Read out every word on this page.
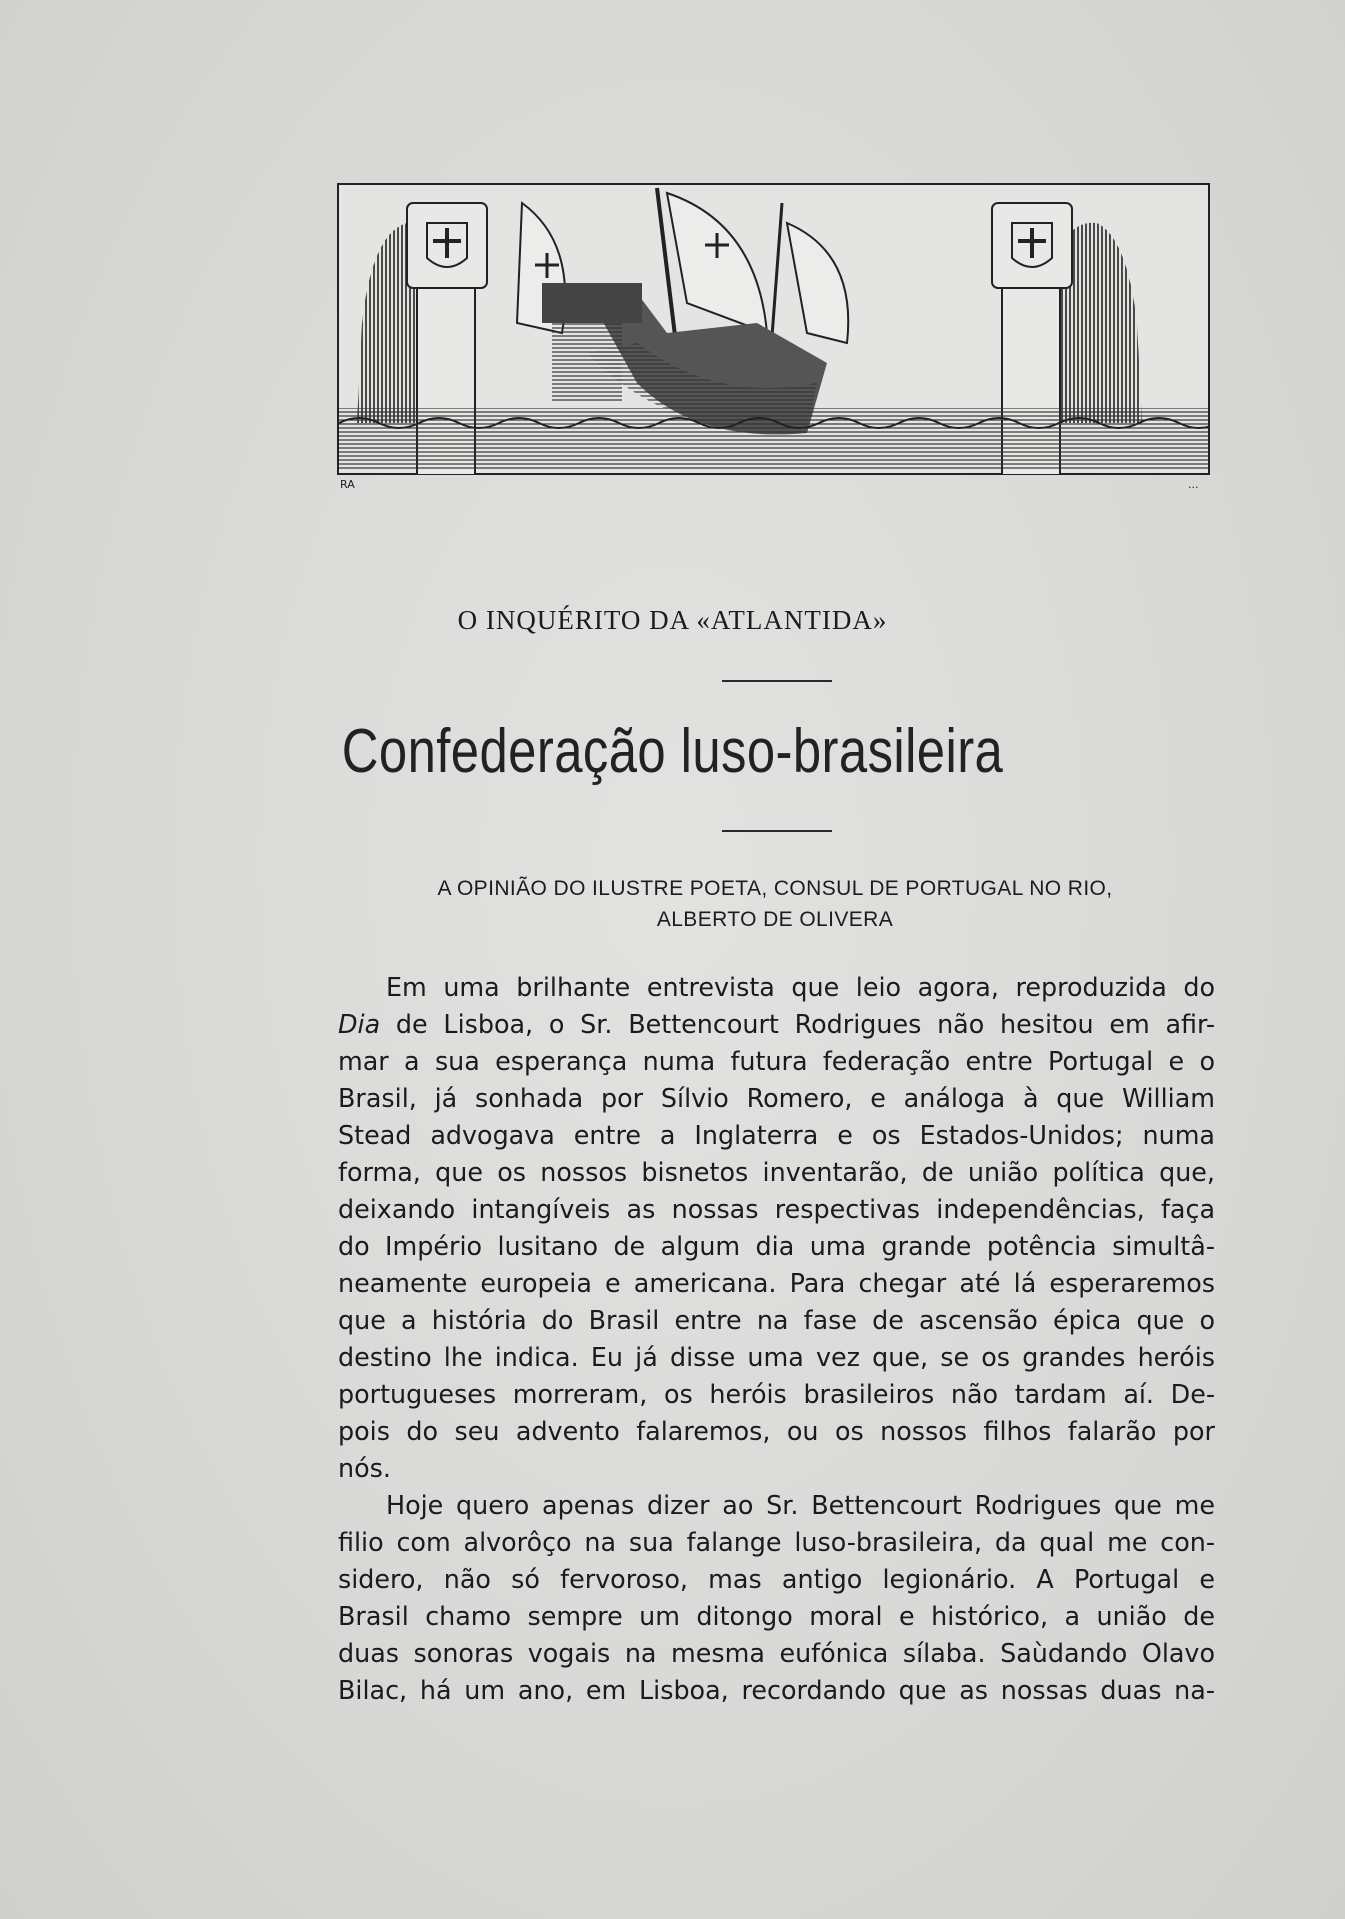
RA	...
O INQUÉRITO DA «ATLANTIDA»
Confederação luso-brasileira
A OPINIÃO DO ILUSTRE POETA, CONSUL DE PORTUGAL NO RIO,
ALBERTO DE OLIVERA
Em uma brilhante entrevista que leio agora, reproduzida do
Dia de Lisboa, o Sr. Bettencourt Rodrigues não hesitou em afir-
mar a sua esperança numa futura federação entre Portugal e o
Brasil, já sonhada por Sílvio Romero, e análoga à que William
Stead advogava entre a Inglaterra e os Estados-Unidos; numa
forma, que os nossos bisnetos inventarão, de união política que,
deixando intangíveis as nossas respectivas independências, faça
do Império lusitano de algum dia uma grande potência simultâ-
neamente europeia e americana. Para chegar até lá esperaremos
que a história do Brasil entre na fase de ascensão épica que o
destino lhe indica. Eu já disse uma vez que, se os grandes heróis
portugueses morreram, os heróis brasileiros não tardam aí. De-
pois do seu advento falaremos, ou os nossos filhos falarão por
nós.
Hoje quero apenas dizer ao Sr. Bettencourt Rodrigues que me
filio com alvorôço na sua falange luso-brasileira, da qual me con-
sidero, não só fervoroso, mas antigo legionário. A Portugal e
Brasil chamo sempre um ditongo moral e histórico, a união de
duas sonoras vogais na mesma eufónica sílaba. Saùdando Olavo
Bilac, há um ano, em Lisboa, recordando que as nossas duas na-
